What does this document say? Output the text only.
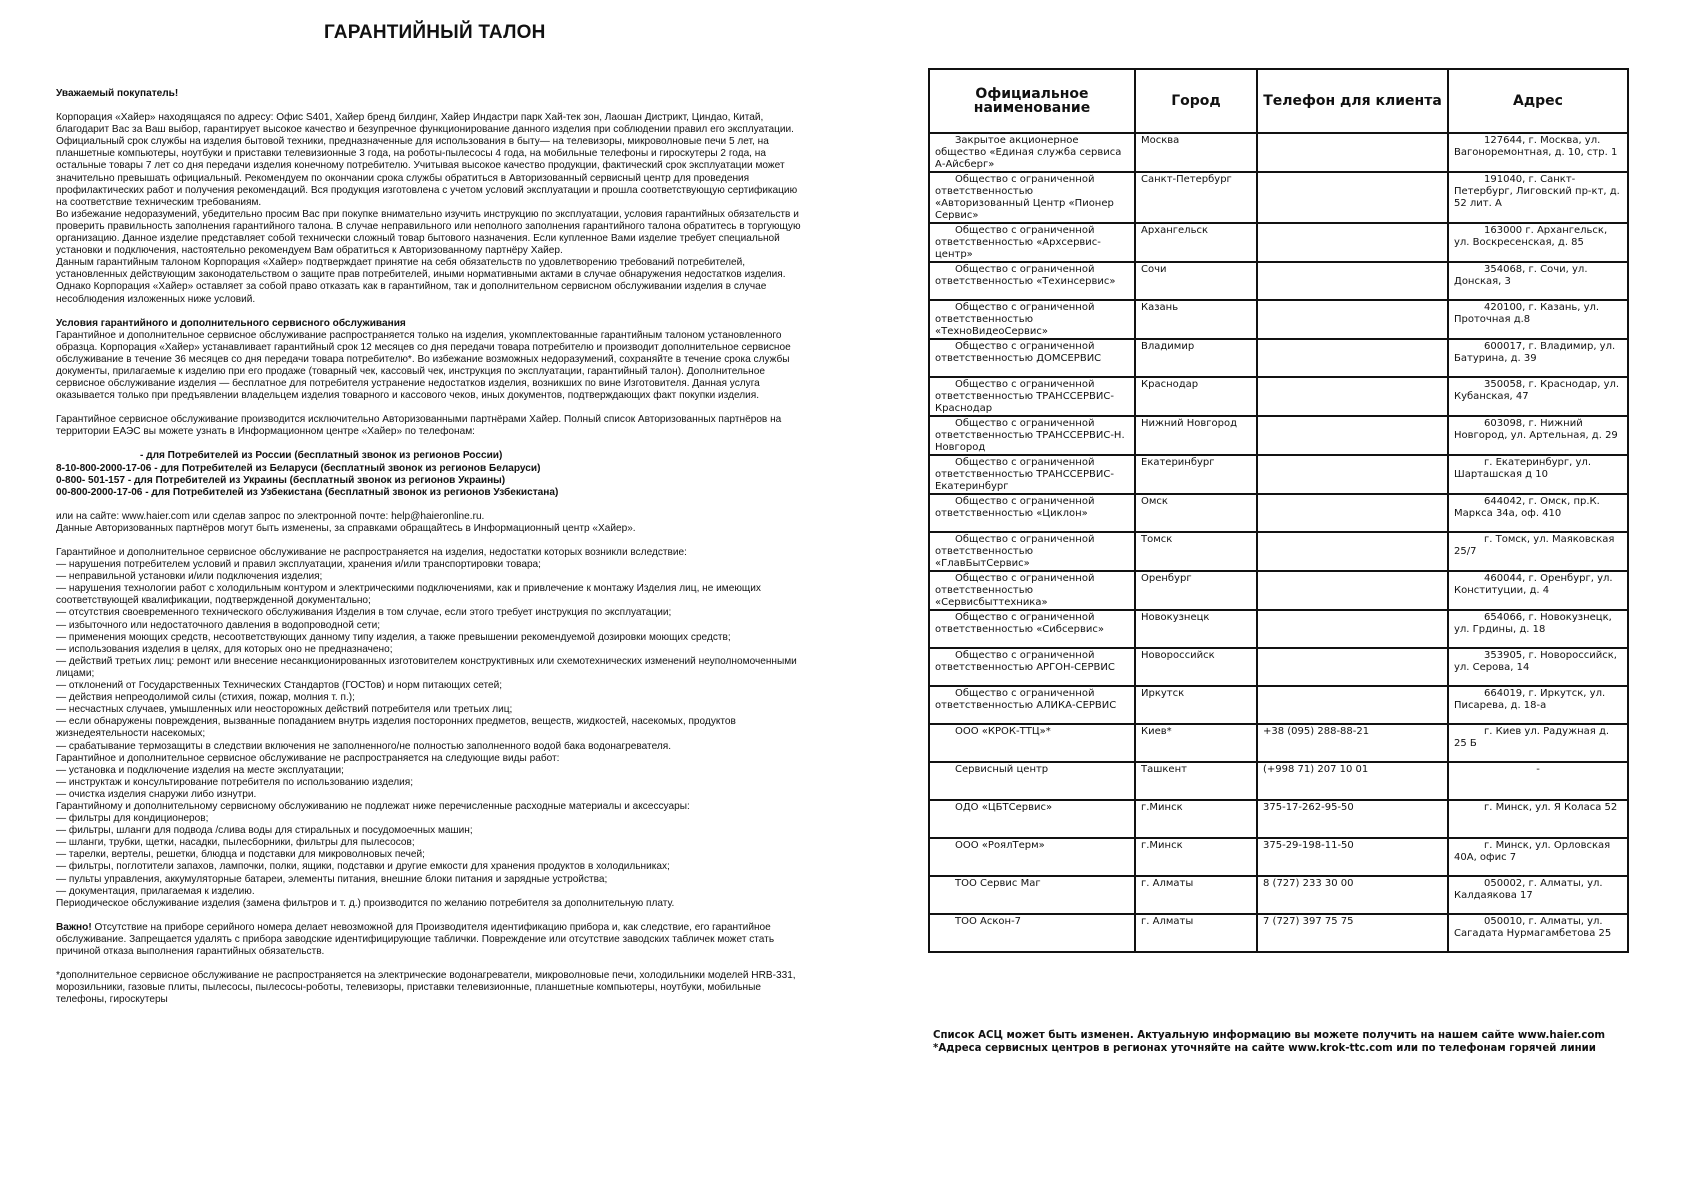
ГАРАНТИЙНЫЙ ТАЛОН

Уважаемый покупатель!

Корпорация «Хайер» находящаяся по адресу: Офис S401, Хайер бренд билдинг, Хайер Индастри парк Хай-тек зон, Лаошан Дистрикт, Циндао, Китай, благодарит Вас за Ваш выбор, гарантирует высокое качество и безупречное функционирование данного изделия при соблюдении правил его эксплуатации. Официальный срок службы на изделия бытовой техники, предназначенные для использования в быту— на телевизоры, микроволновые печи 5 лет, на планшетные компьютеры, ноутбуки и приставки телевизионные 3 года, на роботы-пылесосы 4 года, на мобильные телефоны и гироскутеры 2 года, на остальные товары 7 лет со дня передачи изделия конечному потребителю. Учитывая высокое качество продукции, фактический срок эксплуатации может значительно превышать официальный. Рекомендуем по окончании срока службы обратиться в Авторизованный сервисный центр для проведения профилактических работ и получения рекомендаций. Вся продукция изготовлена с учетом условий эксплуатации и прошла соответствующую сертификацию на соответствие техническим требованиям.

Во избежание недоразумений, убедительно просим Вас при покупке внимательно изучить инструкцию по эксплуатации, условия гарантийных обязательств и проверить правильность заполнения гарантийного талона. В случае неправильного или неполного заполнения гарантийного талона обратитесь в торгующую организацию. Данное изделие представляет собой технически сложный товар бытового назначения. Если купленное Вами изделие требует специальной установки и подключения, настоятельно рекомендуем Вам обратиться к Авторизованному партнёру Хайер.

Данным гарантийным талоном Корпорация «Хайер» подтверждает принятие на себя обязательств по удовлетворению требований потребителей, установленных действующим законодательством о защите прав потребителей, иными нормативными актами в случае обнаружения недостатков изделия. Однако Корпорация «Хайер» оставляет за собой право отказать как в гарантийном, так и дополнительном сервисном обслуживании изделия в случае несоблюдения изложенных ниже условий.

Условия гарантийного и дополнительного сервисного обслуживания

Гарантийное и дополнительное сервисное обслуживание распространяется только на изделия, укомплектованные гарантийным талоном установленного образца. Корпорация «Хайер» устанавливает гарантийный срок 12 месяцев со дня передачи товара потребителю и производит дополнительное сервисное обслуживание в течение 36 месяцев со дня передачи товара потребителю*. Во избежание возможных недоразумений, сохраняйте в течение срока службы документы, прилагаемые к изделию при его продаже (товарный чек, кассовый чек, инструкция по эксплуатации, гарантийный талон). Дополнительное сервисное обслуживание изделия — бесплатное для потребителя устранение недостатков изделия, возникших по вине Изготовителя. Данная услуга оказывается только при предъявлении владельцем изделия товарного и кассового чеков, иных документов, подтверждающих факт покупки изделия.

Гарантийное сервисное обслуживание производится исключительно Авторизованными партнёрами Хайер. Полный список Авторизованных партнёров на территории ЕАЭС вы можете узнать в Информационном центре «Хайер» по телефонам:

- для Потребителей из России (бесплатный звонок из регионов России)

8-10-800-2000-17-06 - для Потребителей из Беларуси (бесплатный звонок из регионов Беларуси)

0-800- 501-157 - для Потребителей из Украины (бесплатный звонок из регионов Украины)

00-800-2000-17-06 - для Потребителей из Узбекистана (бесплатный звонок из регионов Узбекистана)

или на сайте: www.haier.com или сделав запрос по электронной почте: help@haieronline.ru.

Данные Авторизованных партнёров могут быть изменены, за справками обращайтесь в Информационный центр «Хайер».

Гарантийное и дополнительное сервисное обслуживание не распространяется на изделия, недостатки которых возникли вследствие:

— нарушения потребителем условий и правил эксплуатации, хранения и/или транспортировки товара;

— неправильной установки и/или подключения изделия;

— нарушения технологии работ с холодильным контуром и электрическими подключениями, как и привлечение к монтажу Изделия лиц, не имеющих соответствующей квалификации, подтвержденной документально;

— отсутствия своевременного технического обслуживания Изделия в том случае, если этого требует инструкция по эксплуатации;

— избыточного или недостаточного давления в водопроводной сети;

— применения моющих средств, несоответствующих данному типу изделия, а также превышении рекомендуемой дозировки моющих средств;

— использования изделия в целях, для которых оно не предназначено;

— действий третьих лиц: ремонт или внесение несанкционированных изготовителем конструктивных или схемотехнических изменений неуполномоченными лицами;

— отклонений от Государственных Технических Стандартов (ГОСТов) и норм питающих сетей;

— действия непреодолимой силы (стихия, пожар, молния т. п.);

— несчастных случаев, умышленных или неосторожных действий потребителя или третьих лиц;

— если обнаружены повреждения, вызванные попаданием внутрь изделия посторонних предметов, веществ, жидкостей, насекомых, продуктов жизнедеятельности насекомых;

— срабатывание термозащиты в следствии включения не заполненного/не полностью заполненного водой бака водонагревателя.

Гарантийное и дополнительное сервисное обслуживание не распространяется на следующие виды работ:

— установка и подключение изделия на месте эксплуатации;

— инструктаж и консультирование потребителя по использованию изделия;

— очистка изделия снаружи либо изнутри.

Гарантийному и дополнительному сервисному обслуживанию не подлежат ниже перечисленные расходные материалы и аксессуары:

— фильтры для кондиционеров;

— фильтры, шланги для подвода /слива воды для стиральных и посудомоечных машин;

— шланги, трубки, щетки, насадки, пылесборники, фильтры для пылесосов;

— тарелки, вертелы, решетки, блюдца и подставки для микроволновых печей;

— фильтры, поглотители запахов, лампочки, полки, ящики, подставки и другие емкости для хранения продуктов в холодильниках;

— пульты управления, аккумуляторные батареи, элементы питания, внешние блоки питания и зарядные устройства;

— документация, прилагаемая к изделию.

Периодическое обслуживание изделия (замена фильтров и т. д.) производится по желанию потребителя за дополнительную плату.

Важно! Отсутствие на приборе серийного номера делает невозможной для Производителя идентификацию прибора и, как следствие, его гарантийное обслуживание. Запрещается удалять с прибора заводские идентифицирующие таблички. Повреждение или отсутствие заводских табличек может стать причиной отказа выполнения гарантийных обязательств.

*дополнительное сервисное обслуживание не распространяется на электрические водонагреватели, микроволновые печи, холодильники моделей HRB-331, морозильники, газовые плиты, пылесосы, пылесосы-роботы, телевизоры, приставки телевизионные, планшетные компьютеры, ноутбуки, мобильные телефоны, гироскутеры

Официальное наименование	Город	Телефон для клиента	Адрес
Закрытое акционерное общество «Единая служба сервиса А-Айсберг»	Москва		127644, г. Москва, ул. Вагоноремонтная, д. 10, стр. 1
Общество с ограниченной ответственностью «Авторизованный Центр «Пионер Сервис»	Санкт-Петербург		191040, г. Санкт-Петербург, Лиговский пр-кт, д. 52 лит. А
Общество с ограниченной ответственностью «Архсервис-центр»	Архангельск		163000 г. Архангельск, ул. Воскресенская, д. 85
Общество с ограниченной ответственностью «Техинсервис»	Сочи		354068, г. Сочи, ул. Донская, 3
Общество с ограниченной ответственностью «ТехноВидеоСервис»	Казань		420100, г. Казань, ул. Проточная д.8
Общество с ограниченной ответственностью ДОМСЕРВИС	Владимир		600017, г. Владимир, ул. Батурина, д. 39
Общество с ограниченной ответственностью ТРАНССЕРВИС-Краснодар	Краснодар		350058, г. Краснодар, ул. Кубанская, 47
Общество с ограниченной ответственностью ТРАНССЕРВИС-Н. Новгород	Нижний Новгород		603098, г. Нижний Новгород, ул. Артельная, д. 29
Общество с ограниченной ответственностью ТРАНССЕРВИС-Екатеринбург	Екатеринбург		г. Екатеринбург, ул. Шарташская д 10
Общество с ограниченной ответственностью «Циклон»	Омск		644042, г. Омск, пр.К. Маркса 34а, оф. 410
Общество с ограниченной ответственностью «ГлавБытСервис»	Томск		г. Томск, ул. Маяковская 25/7
Общество с ограниченной ответственностью «Сервисбыттехника»	Оренбург		460044, г. Оренбург, ул. Конституции, д. 4
Общество с ограниченной ответственностью «Сибсервис»	Новокузнецк		654066, г. Новокузнецк, ул. Грдины, д. 18
Общество с ограниченной ответственностью АРГОН-СЕРВИС	Новороссийск		353905, г. Новороссийск, ул. Серова, 14
Общество с ограниченной ответственностью АЛИКА-СЕРВИС	Иркутск		664019, г. Иркутск, ул. Писарева, д. 18-а
ООО «КРОК-ТТЦ»*	Киев*	+38 (095) 288-88-21	г. Киев ул. Радужная д. 25 Б
Сервисный центр	Ташкент	(+998 71) 207 10 01	-
ОДО «ЦБТСервис»	г.Минск	375-17-262-95-50	г. Минск, ул. Я Коласа 52
ООО «РоялТерм»	г.Минск	375-29-198-11-50	г. Минск, ул. Орловская 40А, офис 7
ТОО Сервис Маг	г. Алматы	8 (727) 233 30 00	050002, г. Алматы, ул. Калдаякова 17
ТОО Аскон-7	г. Алматы	7 (727) 397 75 75	050010, г. Алматы, ул. Сагадата Нурмагамбетова 25

Список АСЦ может быть изменен. Актуальную информацию вы можете получить на нашем сайте www.haier.com

*Адреса сервисных центров в регионах уточняйте на сайте www.krok-ttc.com или по телефонам горячей линии
